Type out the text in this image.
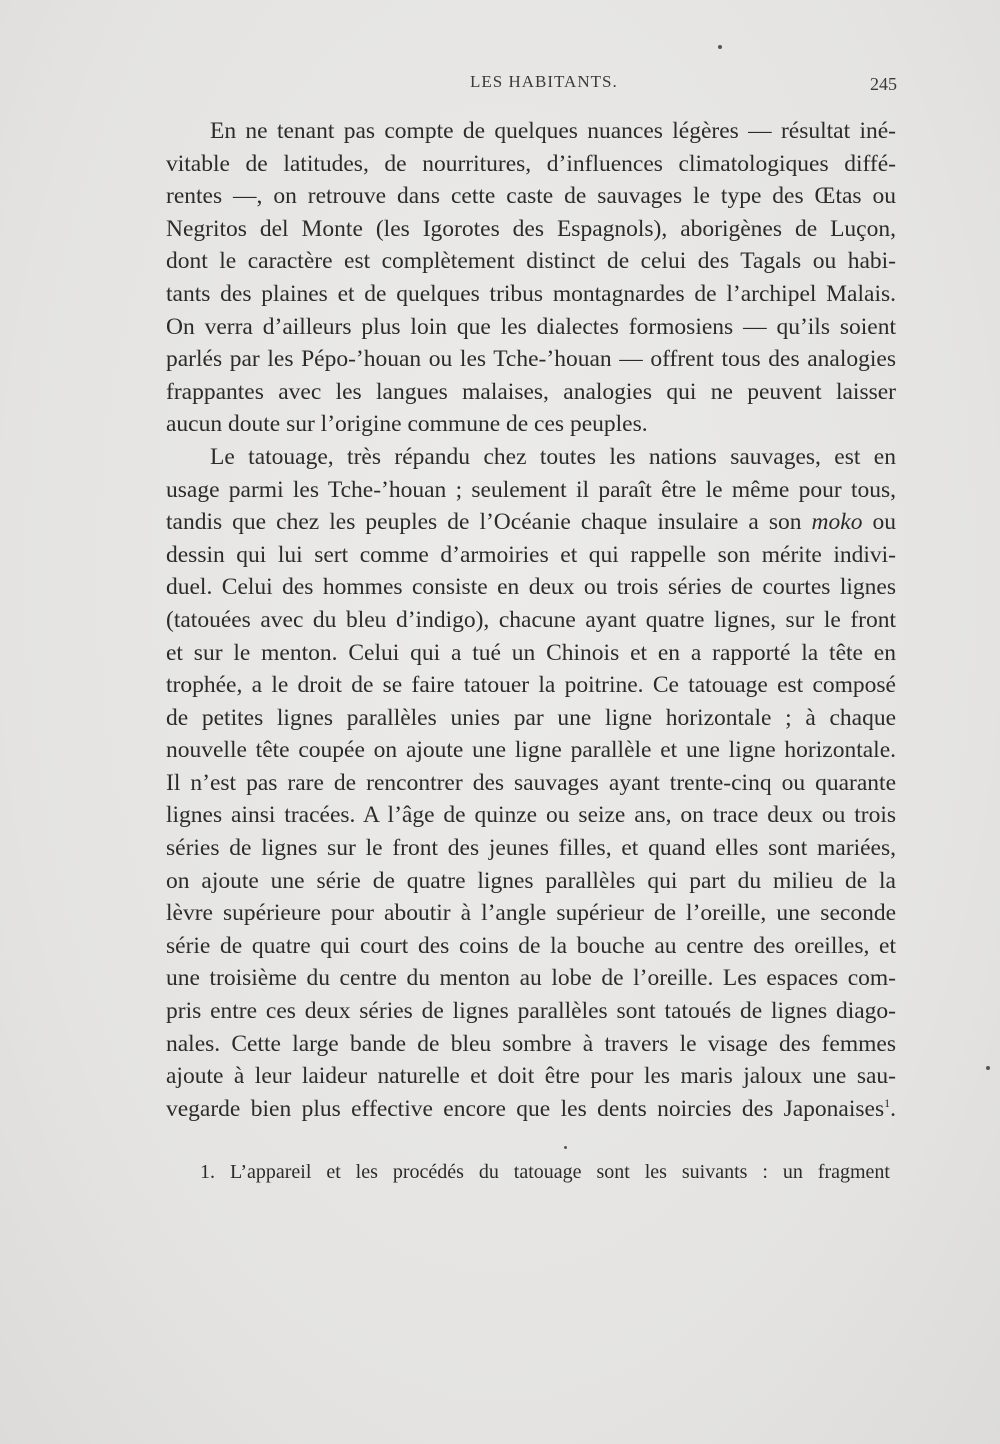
LES HABITANTS.	245
En ne tenant pas compte de quelques nuances légères — résultat iné-
vitable de latitudes, de nourritures, d’influences climatologiques diffé-
rentes —, on retrouve dans cette caste de sauvages le type des Œtas ou
Negritos del Monte (les Igorotes des Espagnols), aborigènes de Luçon,
dont le caractère est complètement distinct de celui des Tagals ou habi-
tants des plaines et de quelques tribus montagnardes de l’archipel Malais.
On verra d’ailleurs plus loin que les dialectes formosiens — qu’ils soient
parlés par les Pépo-’houan ou les Tche-’houan — offrent tous des analogies
frappantes avec les langues malaises, analogies qui ne peuvent laisser
aucun doute sur l’origine commune de ces peuples.
Le tatouage, très répandu chez toutes les nations sauvages, est en
usage parmi les Tche-’houan ; seulement il paraît être le même pour tous,
tandis que chez les peuples de l’Océanie chaque insulaire a son moko ou
dessin qui lui sert comme d’armoiries et qui rappelle son mérite indivi-
duel. Celui des hommes consiste en deux ou trois séries de courtes lignes
(tatouées avec du bleu d’indigo), chacune ayant quatre lignes, sur le front
et sur le menton. Celui qui a tué un Chinois et en a rapporté la tête en
trophée, a le droit de se faire tatouer la poitrine. Ce tatouage est composé
de petites lignes parallèles unies par une ligne horizontale ; à chaque
nouvelle tête coupée on ajoute une ligne parallèle et une ligne horizontale.
Il n’est pas rare de rencontrer des sauvages ayant trente-cinq ou quarante
lignes ainsi tracées. A l’âge de quinze ou seize ans, on trace deux ou trois
séries de lignes sur le front des jeunes filles, et quand elles sont mariées,
on ajoute une série de quatre lignes parallèles qui part du milieu de la
lèvre supérieure pour aboutir à l’angle supérieur de l’oreille, une seconde
série de quatre qui court des coins de la bouche au centre des oreilles, et
une troisième du centre du menton au lobe de l’oreille. Les espaces com-
pris entre ces deux séries de lignes parallèles sont tatoués de lignes diago-
nales. Cette large bande de bleu sombre à travers le visage des femmes
ajoute à leur laideur naturelle et doit être pour les maris jaloux une sau-
vegarde bien plus effective encore que les dents noircies des Japonaises$^1$.
1. L’appareil et les procédés du tatouage sont les suivants : un fragment
